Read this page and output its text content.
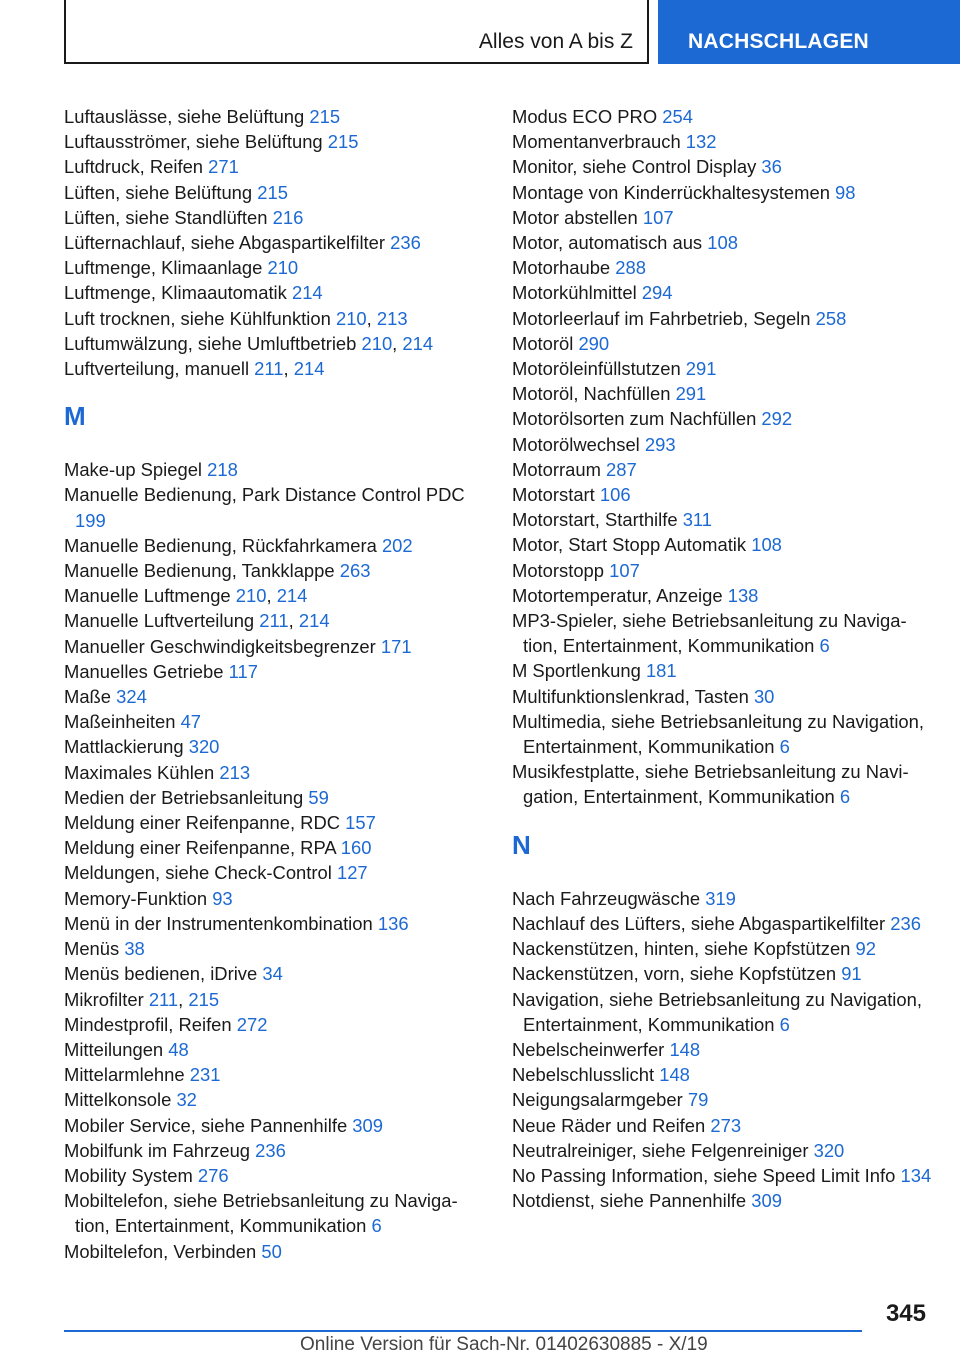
Alles von A bis Z	NACHSCHLAGEN
Luftauslässe, siehe Belüftung 215
Luftausströmer, siehe Belüftung 215
Luftdruck, Reifen 271
Lüften, siehe Belüftung 215
Lüften, siehe Standlüften 216
Lüfternachlauf, siehe Abgaspartikelfilter 236
Luftmenge, Klimaanlage 210
Luftmenge, Klimaautomatik 214
Luft trocknen, siehe Kühlfunktion 210, 213
Luftumwälzung, siehe Umluftbetrieb 210, 214
Luftverteilung, manuell 211, 214
M
Make-up Spiegel 218
Manuelle Bedienung, Park Distance Control PDC 199
Manuelle Bedienung, Rückfahrkamera 202
Manuelle Bedienung, Tankklappe 263
Manuelle Luftmenge 210, 214
Manuelle Luftverteilung 211, 214
Manueller Geschwindigkeitsbegrenzer 171
Manuelles Getriebe 117
Maße 324
Maßeinheiten 47
Mattlackierung 320
Maximales Kühlen 213
Medien der Betriebsanleitung 59
Meldung einer Reifenpanne, RDC 157
Meldung einer Reifenpanne, RPA 160
Meldungen, siehe Check-Control 127
Memory-Funktion 93
Menü in der Instrumentenkombination 136
Menüs 38
Menüs bedienen, iDrive 34
Mikrofilter 211, 215
Mindestprofil, Reifen 272
Mitteilungen 48
Mittelarmlehne 231
Mittelkonsole 32
Mobiler Service, siehe Pannenhilfe 309
Mobilfunk im Fahrzeug 236
Mobility System 276
Mobiltelefon, siehe Betriebsanleitung zu Navigation, Entertainment, Kommunikation 6
Mobiltelefon, Verbinden 50
Modus ECO PRO 254
Momentanverbrauch 132
Monitor, siehe Control Display 36
Montage von Kinderrückhaltesystemen 98
Motor abstellen 107
Motor, automatisch aus 108
Motorhaube 288
Motorkühlmittel 294
Motorleerlauf im Fahrbetrieb, Segeln 258
Motoröl 290
Motoröleinfüllstutzen 291
Motoröl, Nachfüllen 291
Motorölsorten zum Nachfüllen 292
Motorölwechsel 293
Motorraum 287
Motorstart 106
Motorstart, Starthilfe 311
Motor, Start Stopp Automatik 108
Motorstopp 107
Motortemperatur, Anzeige 138
MP3-Spieler, siehe Betriebsanleitung zu Navigation, Entertainment, Kommunikation 6
M Sportlenkung 181
Multifunktionslenkrad, Tasten 30
Multimedia, siehe Betriebsanleitung zu Navigation, Entertainment, Kommunikation 6
Musikfestplatte, siehe Betriebsanleitung zu Navigation, Entertainment, Kommunikation 6
N
Nach Fahrzeugwäsche 319
Nachlauf des Lüfters, siehe Abgaspartikelfilter 236
Nackenstützen, hinten, siehe Kopfstützen 92
Nackenstützen, vorn, siehe Kopfstützen 91
Navigation, siehe Betriebsanleitung zu Navigation, Entertainment, Kommunikation 6
Nebelscheinwerfer 148
Nebelschlusslicht 148
Neigungsalarmgeber 79
Neue Räder und Reifen 273
Neutralreiniger, siehe Felgenreiniger 320
No Passing Information, siehe Speed Limit Info 134
Notdienst, siehe Pannenhilfe 309
345
Online Version für Sach-Nr. 01402630885 - X/19
